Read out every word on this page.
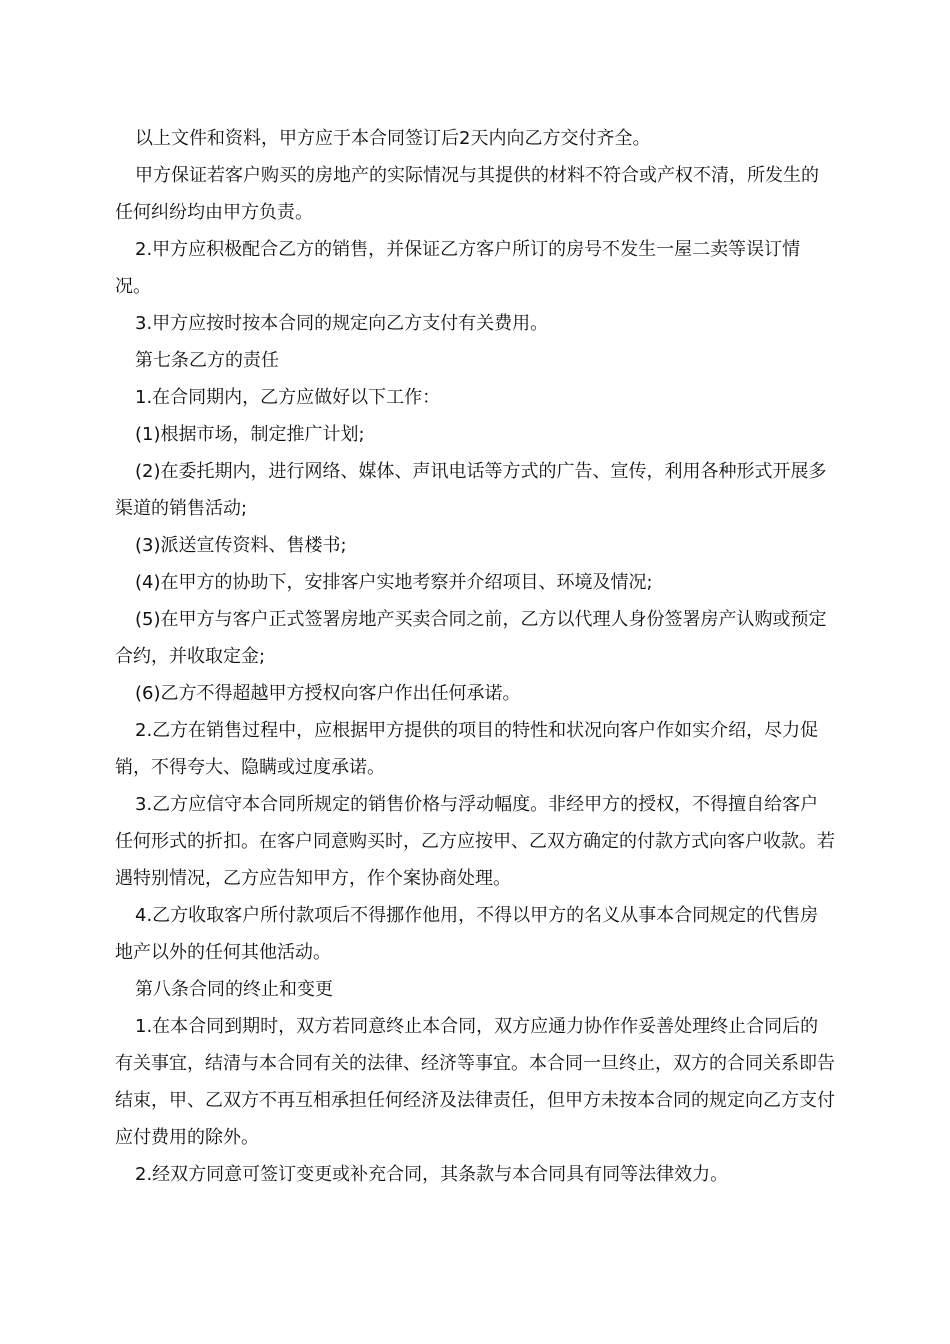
以上文件和资料，甲方应于本合同签订后2天内向乙方交付齐全。

甲方保证若客户购买的房地产的实际情况与其提供的材料不符合或产权不清，所发生的任何纠纷均由甲方负责。

2.甲方应积极配合乙方的销售，并保证乙方客户所订的房号不发生一屋二卖等误订情况。

3.甲方应按时按本合同的规定向乙方支付有关费用。

第七条乙方的责任

1.在合同期内，乙方应做好以下工作：

(1)根据市场，制定推广计划;

(2)在委托期内，进行网络、媒体、声讯电话等方式的广告、宣传，利用各种形式开展多渠道的销售活动;

(3)派送宣传资料、售楼书;

(4)在甲方的协助下，安排客户实地考察并介绍项目、环境及情况;

(5)在甲方与客户正式签署房地产买卖合同之前，乙方以代理人身份签署房产认购或预定合约，并收取定金;

(6)乙方不得超越甲方授权向客户作出任何承诺。

2.乙方在销售过程中，应根据甲方提供的项目的特性和状况向客户作如实介绍，尽力促销，不得夸大、隐瞒或过度承诺。

3.乙方应信守本合同所规定的销售价格与浮动幅度。非经甲方的授权，不得擅自给客户任何形式的折扣。在客户同意购买时，乙方应按甲、乙双方确定的付款方式向客户收款。若遇特别情况，乙方应告知甲方，作个案协商处理。

4.乙方收取客户所付款项后不得挪作他用，不得以甲方的名义从事本合同规定的代售房地产以外的任何其他活动。

第八条合同的终止和变更

1.在本合同到期时，双方若同意终止本合同，双方应通力协作作妥善处理终止合同后的有关事宜，结清与本合同有关的法律、经济等事宜。本合同一旦终止，双方的合同关系即告结束，甲、乙双方不再互相承担任何经济及法律责任，但甲方未按本合同的规定向乙方支付应付费用的除外。

2.经双方同意可签订变更或补充合同，其条款与本合同具有同等法律效力。
